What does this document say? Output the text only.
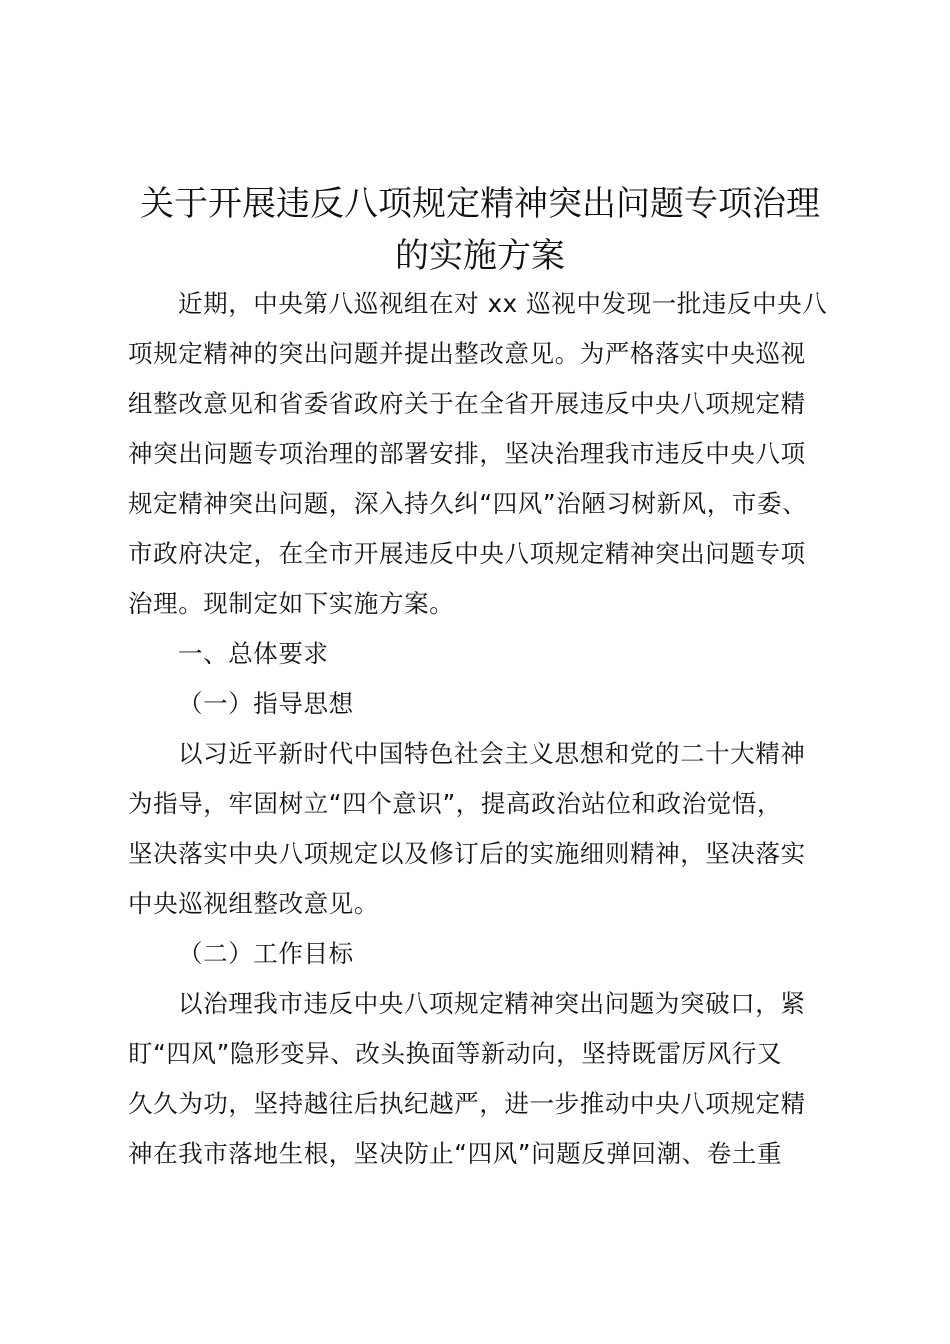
关于开展违反八项规定精神突出问题专项治理
的实施方案
近期，中央第八巡视组在对 xx 巡视中发现一批违反中央八
项规定精神的突出问题并提出整改意见。为严格落实中央巡视
组整改意见和省委省政府关于在全省开展违反中央八项规定精
神突出问题专项治理的部署安排，坚决治理我市违反中央八项
规定精神突出问题，深入持久纠“四风”治陋习树新风，市委、
市政府决定，在全市开展违反中央八项规定精神突出问题专项
治理。现制定如下实施方案。
一、总体要求
（一）指导思想
以习近平新时代中国特色社会主义思想和党的二十大精神
为指导，牢固树立“四个意识”，提高政治站位和政治觉悟，
坚决落实中央八项规定以及修订后的实施细则精神，坚决落实
中央巡视组整改意见。
（二）工作目标
以治理我市违反中央八项规定精神突出问题为突破口，紧
盯“四风”隐形变异、改头换面等新动向，坚持既雷厉风行又
久久为功，坚持越往后执纪越严，进一步推动中央八项规定精
神在我市落地生根，坚决防止“四风”问题反弹回潮、卷土重
